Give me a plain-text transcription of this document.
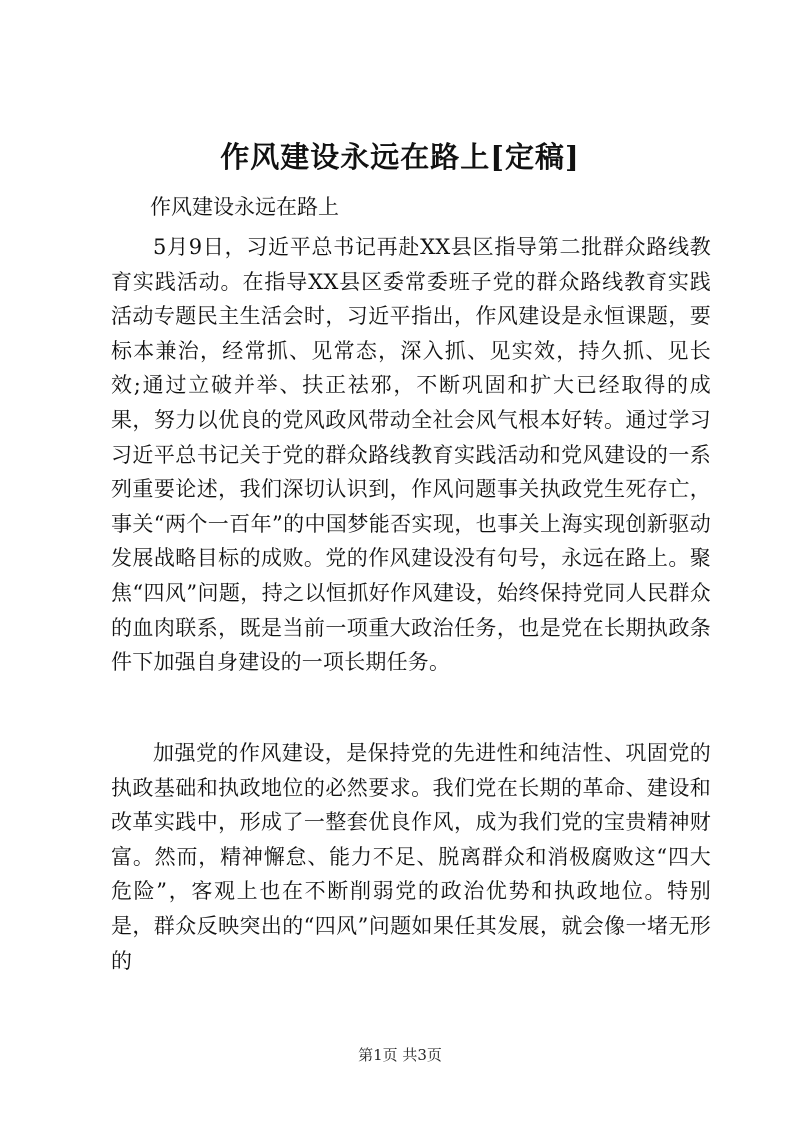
作风建设永远在路上[定稿]

作风建设永远在路上

5月9日，习近平总书记再赴XX县区指导第二批群众路线教育实践活动。在指导XX县区委常委班子党的群众路线教育实践活动专题民主生活会时，习近平指出，作风建设是永恒课题，要标本兼治，经常抓、见常态，深入抓、见实效，持久抓、见长效;通过立破并举、扶正祛邪，不断巩固和扩大已经取得的成果，努力以优良的党风政风带动全社会风气根本好转。通过学习习近平总书记关于党的群众路线教育实践活动和党风建设的一系列重要论述，我们深切认识到，作风问题事关执政党生死存亡，事关“两个一百年”的中国梦能否实现，也事关上海实现创新驱动发展战略目标的成败。党的作风建设没有句号，永远在路上。聚焦“四风”问题，持之以恒抓好作风建设，始终保持党同人民群众的血肉联系，既是当前一项重大政治任务，也是党在长期执政条件下加强自身建设的一项长期任务。

加强党的作风建设，是保持党的先进性和纯洁性、巩固党的执政基础和执政地位的必然要求。我们党在长期的革命、建设和改革实践中，形成了一整套优良作风，成为我们党的宝贵精神财富。然而，精神懈怠、能力不足、脱离群众和消极腐败这“四大危险”，客观上也在不断削弱党的政治优势和执政地位。特别是，群众反映突出的“四风”问题如果任其发展，就会像一堵无形的

第1页 共3页
